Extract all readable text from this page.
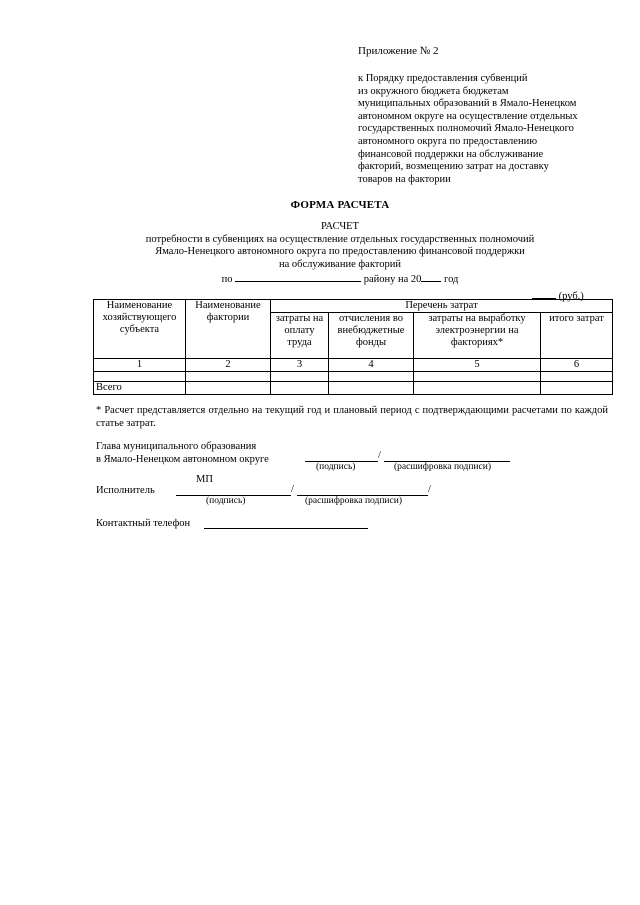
Приложение № 2
к Порядку предоставления субвенций
из окружного бюджета бюджетам
муниципальных образований в Ямало-Ненецком
автономном округе на осуществление отдельных
государственных полномочий Ямало-Ненецкого
автономного округа по предоставлению
финансовой поддержки на обслуживание
факторий, возмещению затрат на доставку
товаров на фактории
ФОРМА РАСЧЕТА
РАСЧЕТ
потребности в субвенциях на осуществление отдельных государственных полномочий
Ямало-Ненецкого автономного округа по предоставлению финансовой поддержки
на обслуживание факторий
по	району на 20 год
(руб.)
Наименование хозяйствующего субъекта	Наименование фактории	Перечень затрат			
		затраты на оплату труда	отчисления во внебюджетные фонды	затраты на выработку электроэнергии на факториях*	итого затрат
1	2	3	4	5	6

Всего					
* Расчет представляется отдельно на текущий год и плановый период с подтверждающими расчетами по каждой статье затрат.
Глава муниципального образования
в Ямало-Ненецком автономном округе	/
(подпись)	(расшифровка подписи)
МП
Исполнитель	/	/
(подпись)	(расшифровка подписи)
Контактный телефон
